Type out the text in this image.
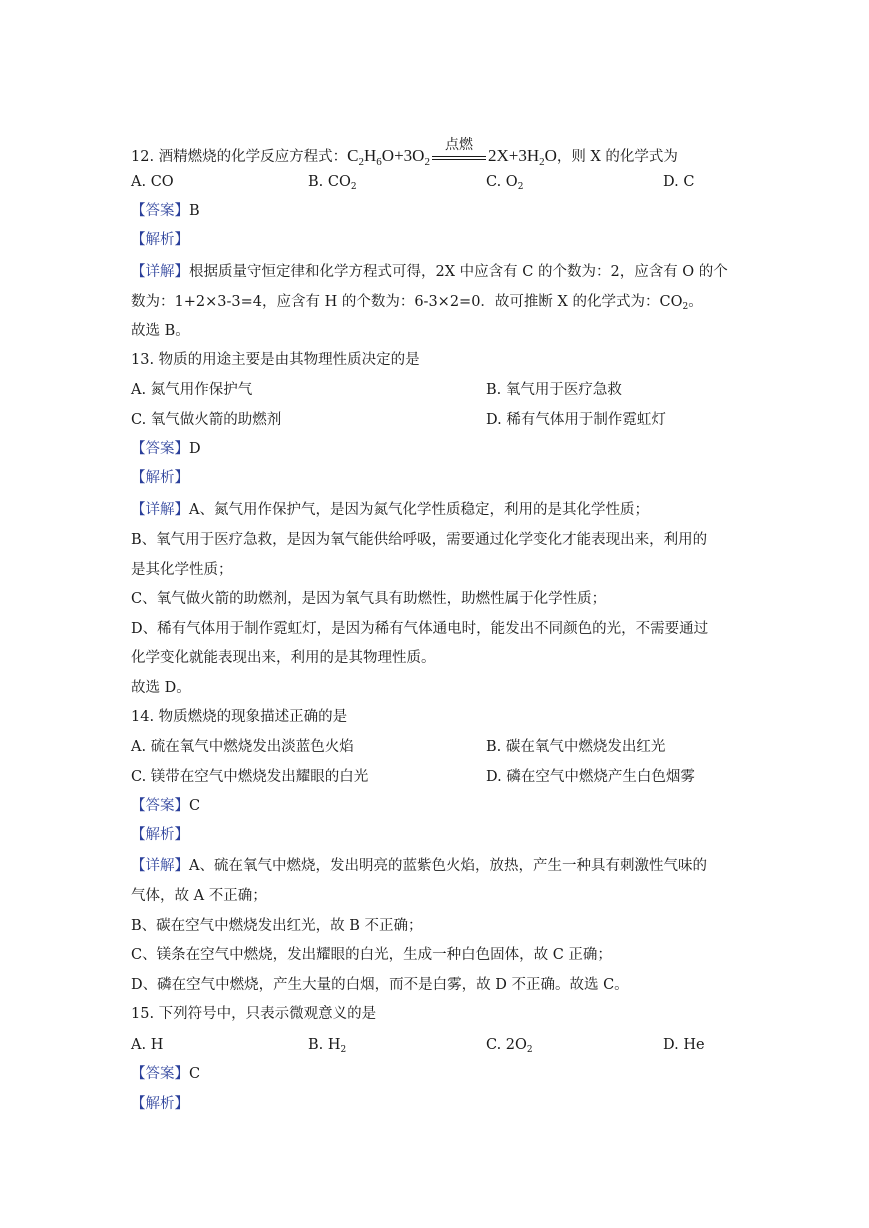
12. 酒精燃烧的化学反应方程式：$C_2H_6O+3O_2$
点燃
$2X+3H_2O$，则 X 的化学式为
A. CO	B. $CO_2$	C. $O_2$	D. C
【答案】B
【解析】
【详解】根据质量守恒定律和化学方程式可得，2X 中应含有 C 的个数为：2，应含有 O 的个
数为：1+2×3-3=4，应含有 H 的个数为：6-3×2=0．故可推断 X 的化学式为：$CO_2$。
故选 B。
13. 物质的用途主要是由其物理性质决定的是
A. 氮气用作保护气	B. 氧气用于医疗急救
C. 氧气做火箭的助燃剂	D. 稀有气体用于制作霓虹灯
【答案】D
【解析】
【详解】A、氮气用作保护气，是因为氮气化学性质稳定，利用的是其化学性质；
B、氧气用于医疗急救，是因为氧气能供给呼吸，需要通过化学变化才能表现出来，利用的
是其化学性质；
C、氧气做火箭的助燃剂，是因为氧气具有助燃性，助燃性属于化学性质；
D、稀有气体用于制作霓虹灯，是因为稀有气体通电时，能发出不同颜色的光，不需要通过
化学变化就能表现出来，利用的是其物理性质。
故选 D。
14. 物质燃烧的现象描述正确的是
A. 硫在氧气中燃烧发出淡蓝色火焰	B. 碳在氧气中燃烧发出红光
C. 镁带在空气中燃烧发出耀眼的白光	D. 磷在空气中燃烧产生白色烟雾
【答案】C
【解析】
【详解】A、硫在氧气中燃烧，发出明亮的蓝紫色火焰，放热，产生一种具有刺激性气味的
气体，故 A 不正确；
B、碳在空气中燃烧发出红光，故 B 不正确；
C、镁条在空气中燃烧，发出耀眼的白光，生成一种白色固体，故 C 正确；
D、磷在空气中燃烧，产生大量的白烟，而不是白雾，故 D 不正确。故选 C。
15. 下列符号中，只表示微观意义的是
A. H	B. $H_2$	C. $2O_2$	D. He
【答案】C
【解析】
